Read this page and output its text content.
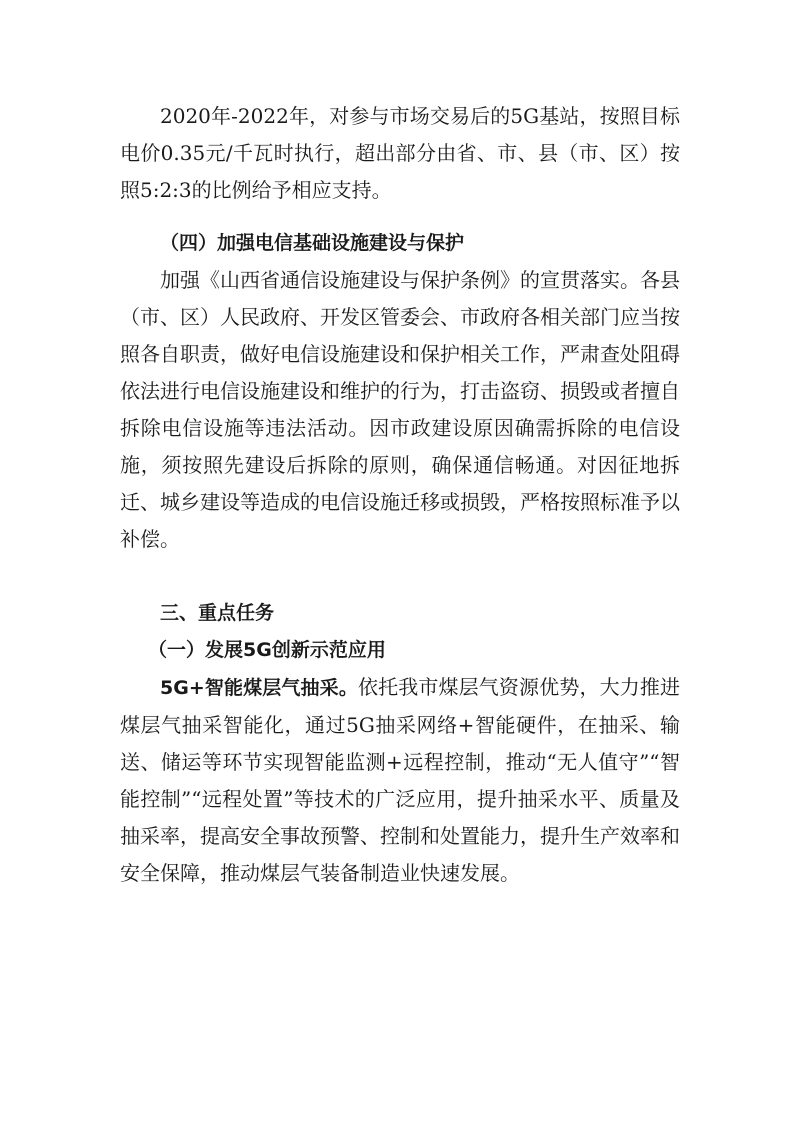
2020年-2022年，对参与市场交易后的5G基站，按照目标电价0.35元/千瓦时执行，超出部分由省、市、县（市、区）按照5:2:3的比例给予相应支持。

（四）加强电信基础设施建设与保护

加强《山西省通信设施建设与保护条例》的宣贯落实。各县（市、区）人民政府、开发区管委会、市政府各相关部门应当按照各自职责，做好电信设施建设和保护相关工作，严肃查处阻碍依法进行电信设施建设和维护的行为，打击盗窃、损毁或者擅自拆除电信设施等违法活动。因市政建设原因确需拆除的电信设施，须按照先建设后拆除的原则，确保通信畅通。对因征地拆迁、城乡建设等造成的电信设施迁移或损毁，严格按照标准予以补偿。

三、重点任务

（一）发展5G创新示范应用

5G+智能煤层气抽采。依托我市煤层气资源优势，大力推进煤层气抽采智能化，通过5G抽采网络+智能硬件，在抽采、输送、储运等环节实现智能监测+远程控制，推动“无人值守”“智能控制”“远程处置”等技术的广泛应用，提升抽采水平、质量及抽采率，提高安全事故预警、控制和处置能力，提升生产效率和安全保障，推动煤层气装备制造业快速发展。
